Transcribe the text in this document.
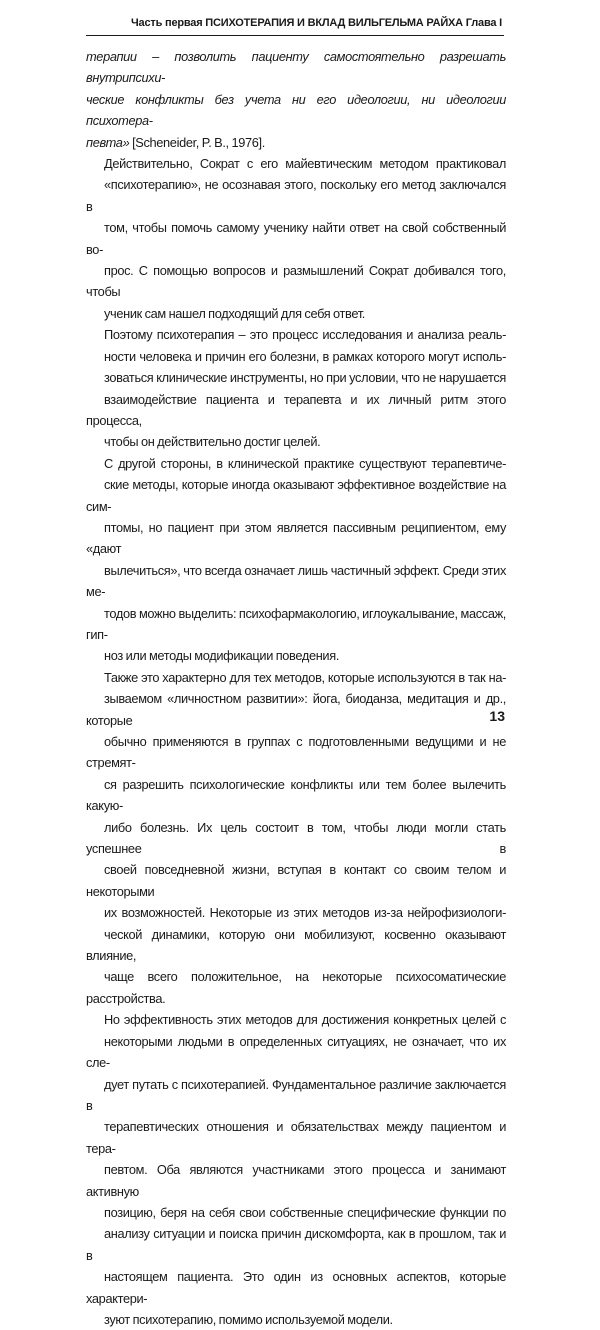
Часть первая ПСИХОТЕРАПИЯ И ВКЛАД ВИЛЬГЕЛЬМА РАЙХА Глава I
терапии – позволить пациенту самостоятельно разрешать внутрипсихи-
ческие конфликты без учета ни его идеологии, ни идеологии психотера-
певта» [Scheneider, P. B., 1976].
Действительно, Сократ с его майевтическим методом практиковал
«психотерапию», не осознавая этого, поскольку его метод заключался в
том, чтобы помочь самому ученику найти ответ на свой собственный во-
прос. С помощью вопросов и размышлений Сократ добивался того, чтобы
ученик сам нашел подходящий для себя ответ.
Поэтому психотерапия – это процесс исследования и анализа реаль-
ности человека и причин его болезни, в рамках которого могут исполь-
зоваться клинические инструменты, но при условии, что не нарушается
взаимодействие пациента и терапевта и их личный ритм этого процесса,
чтобы он действительно достиг целей.
С другой стороны, в клинической практике существуют терапевтиче-
ские методы, которые иногда оказывают эффективное воздействие на сим-
птомы, но пациент при этом является пассивным реципиентом, ему «дают
вылечиться», что всегда означает лишь частичный эффект. Среди этих ме-
тодов можно выделить: психофармакологию, иглоукалывание, массаж, гип-
ноз или методы модификации поведения.
Также это характерно для тех методов, которые используются в так на-
зываемом «личностном развитии»: йога, биоданза, медитация и др., которые
обычно применяются в группах с подготовленными ведущими и не стремят-
ся разрешить психологические конфликты или тем более вылечить какую-
либо болезнь. Их цель состоит в том, чтобы люди могли стать успешнее в
своей повседневной жизни, вступая в контакт со своим телом и некоторыми
их возможностей. Некоторые из этих методов из-за нейрофизиологи-
ческой динамики, которую они мобилизуют, косвенно оказывают влияние,
чаще всего положительное, на некоторые психосоматические расстройства.
Но эффективность этих методов для достижения конкретных целей с
некоторыми людьми в определенных ситуациях, не означает, что их сле-
дует путать с психотерапией. Фундаментальное различие заключается в
терапевтических отношения и обязательствах между пациентом и тера-
певтом. Оба являются участниками этого процесса и занимают активную
позицию, беря на себя свои собственные специфические функции по
анализу ситуации и поиска причин дискомфорта, как в прошлом, так и в
настоящем пациента. Это один из основных аспектов, которые характери-
зуют психотерапию, помимо используемой модели.
13
